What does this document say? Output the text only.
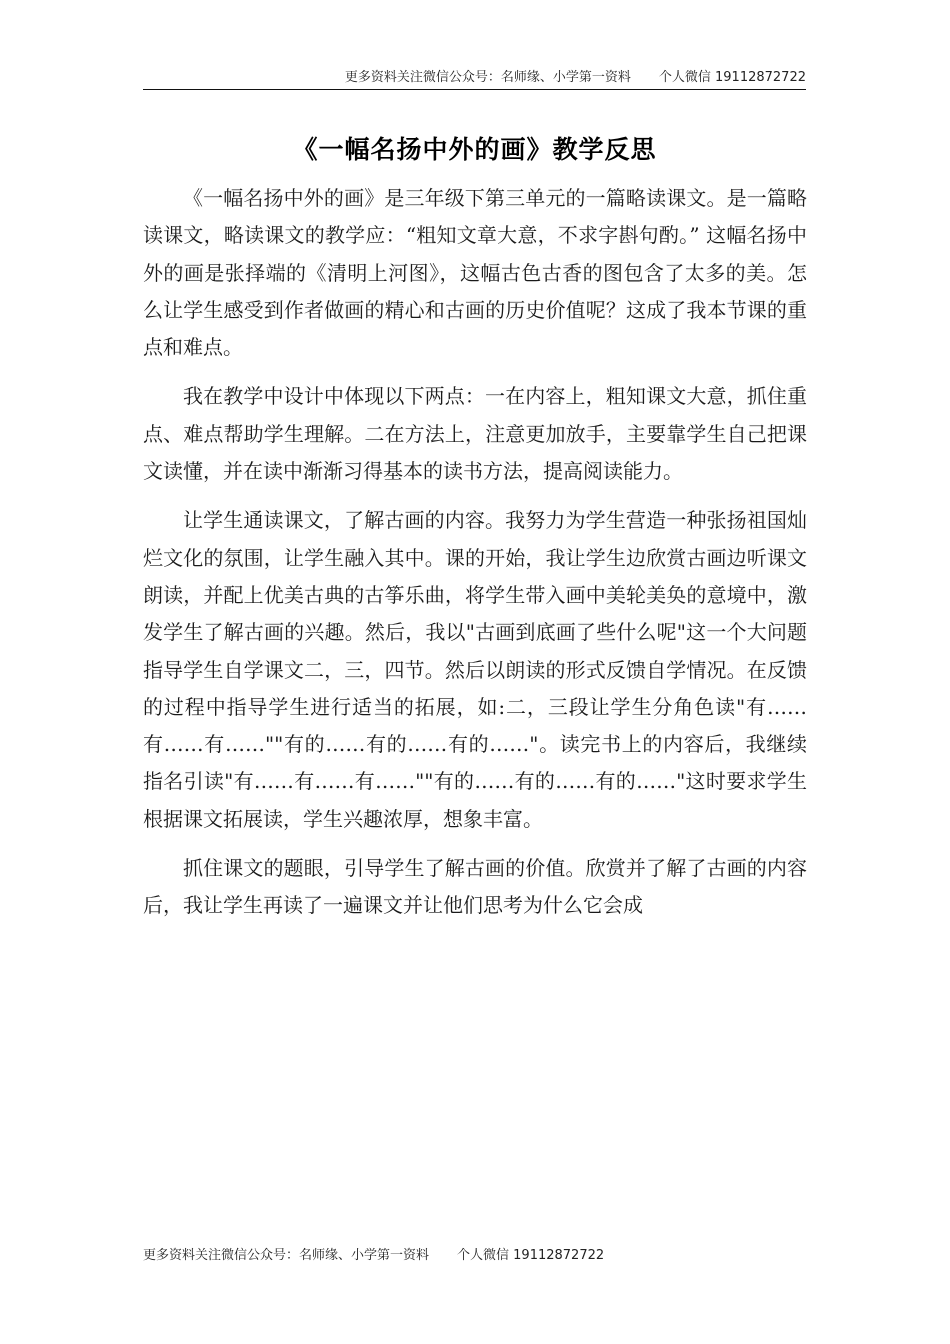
更多资料关注微信公众号：名师缘、小学第一资料 个人微信 19112872722
《一幅名扬中外的画》教学反思

《一幅名扬中外的画》是三年级下第三单元的一篇略读课文。是一篇略读课文，略读课文的教学应：“粗知文章大意，不求字斟句酌。” 这幅名扬中外的画是张择端的《清明上河图》，这幅古色古香的图包含了太多的美。怎么让学生感受到作者做画的精心和古画的历史价值呢？这成了我本节课的重点和难点。

我在教学中设计中体现以下两点：一在内容上，粗知课文大意，抓住重点、难点帮助学生理解。二在方法上，注意更加放手，主要靠学生自己把课文读懂，并在读中渐渐习得基本的读书方法，提高阅读能力。

让学生通读课文，了解古画的内容。我努力为学生营造一种张扬祖国灿烂文化的氛围，让学生融入其中。课的开始，我让学生边欣赏古画边听课文朗读，并配上优美古典的古筝乐曲，将学生带入画中美轮美奂的意境中，激发学生了解古画的兴趣。然后，我以"古画到底画了些什么呢"这一个大问题指导学生自学课文二，三，四节。然后以朗读的形式反馈自学情况。在反馈的过程中指导学生进行适当的拓展，如:二，三段让学生分角色读"有……有……有……""有的……有的……有的……"。读完书上的内容后，我继续指名引读"有……有……有……""有的……有的……有的……"这时要求学生根据课文拓展读，学生兴趣浓厚，想象丰富。

抓住课文的题眼，引导学生了解古画的价值。欣赏并了解了古画的内容后，我让学生再读了一遍课文并让他们思考为什么它会成

更多资料关注微信公众号：名师缘、小学第一资料 个人微信 19112872722
